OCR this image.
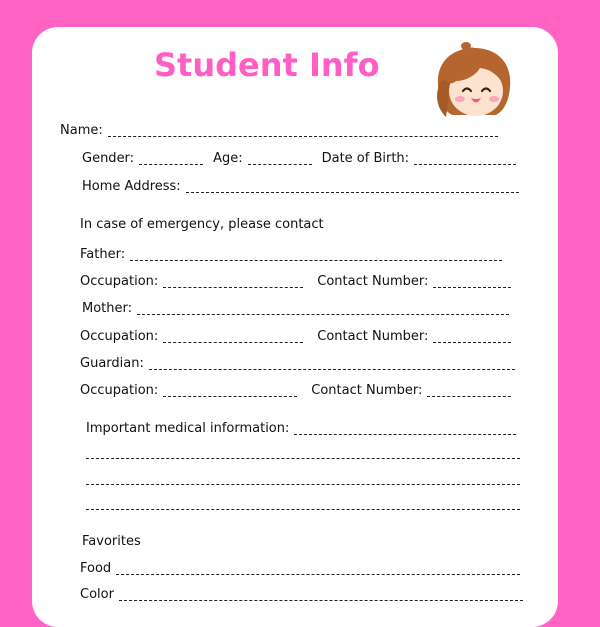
Student Info
Name:
Gender:	Age:	Date of Birth:
Home Address:
In case of emergency, please contact
Father:
Occupation:	Contact Number:
Mother:
Occupation:	Contact Number:
Guardian:
Occupation:	Contact Number:
Important medical information:
Favorites
Food
Color
